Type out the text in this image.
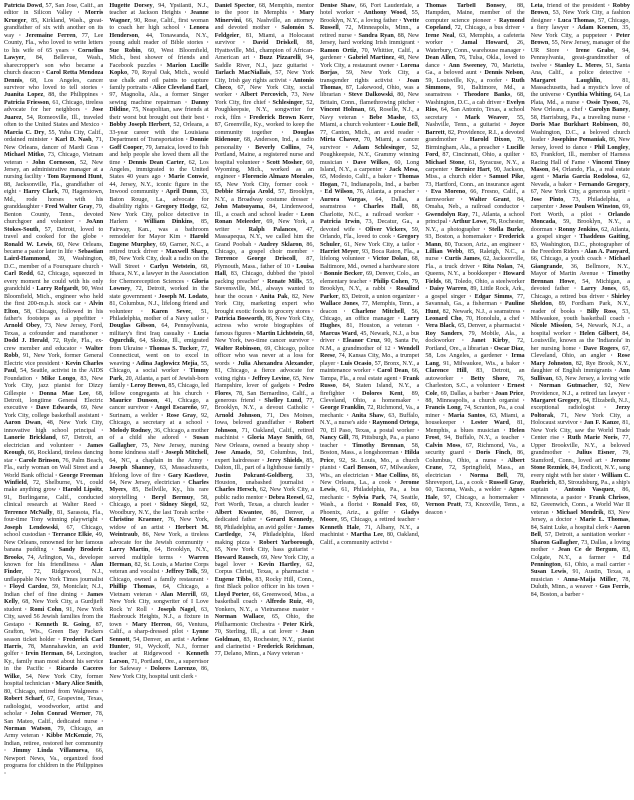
Patricia Dowd, 57, San Jose, Calif., an editor in Silicon Valley · Morris Krueger, 85, Kirkland, Wash., great-grandfather of six with another on its way · Jeremaine Ferren, 77, Lee County, Fla., who loved to write letters to his wife of 65 years · Cornelius Lawyer, 84, Bellevue, Wash., sharecropper's son who became a church deacon · Carol Retta Mendoza Dennis, 68, Los Angeles, cancer survivor who loved to tell stories · Juanita Lopez, 88, the Philippines · Patricia Friesson, 61, Chicago, tireless advocate for her neighbors · Jose Juarez, 54, Romeoville, Ill., traveled often to the United States and Mexico · Marcia C. Dry, 55, Yuba City, Calif., ordained minister · Karl D. Nash, 71, New Orleans, dancer of Mardi Gras · Michael Mitko, 73, Chicago, Vietnam veteran · John Corneson, 52, New Jersey, an administrative manager at a nursing facility · Tom Raymond Hunt, 88, Jacksonville, Fla., grandfather of eight · Harry Clark, 70, Hagerstown, Md., rode horses with his granddaughter · Fred Walter Gray, 79, Benton County, Tenn., devoted churchgoer and volunteer · JoAnn Stokes-South, 57, Detroit, loved to travel and cooked for the globe · Ronald W. Lewis, 60, New Orleans, became a pastor later in life · Sebastian Laird-Hammond, 39, Washington, D.C., member of a Foursquare church · Carl Redd, 62, Chicago, squeezed in every moment he could with his only grandchild · Larry Rofgardt, 90, West Bloomfield, Mich., engineer who held the first 200-m.p.h. stock car · Alvin Elton, 58, Chicago, followed in his father's footsteps as a pipefitter · Arnold Obey, 73, New Jersey, Ford, Texas, a cofounder and marathoner · Dodd J. Herald, 72, Ryde, Fla., ex-crew member and educator · Walter Robb, 91, New York, former General Electric vice president · Kevin Charles Paul, 54, Seattle, activist in the AIDS Foundation · Mike Longo, 83, New York City, jazz pianist for Dizzy Gillespie · Donna Mae Lee, 68, Detroit, longtime General Electric executive · Dave Edwards, 69, New York City, college basketball assistant · Aaron Dwan, 48, New York City, innovative high school principal · Lanorie Brickland, 67, Detroit, an electrician and volunteer · James Keough, 66, Rockland, tireless dancing star · Carole Brinson, 76, Palm Beach, Fla., early woman on Wall Street and a World Bank official · George Freeman Winfield, 72, Shelburne, Vt., could make anything grow · Harold Lipsitz, 91, Burlingame, Calif., conducted clinical research at Walter Reed · Terrence McNally, 81, Sarasota, Fla., four-time Tony winning playwright · Joseph Lendowski, 67, Chicago, school custodian · Terrance Elkie, 49, New Orleans, renowned for her famous banana pudding · Sandy Broderic Brooks, 74, Arlington, Va., developer known for his friendliness · Alan Finder, 72, Ridgewood, N.J., unflappable New York Times journalist · Floyd Cardoz, 59, Montclair, N.J., Indian chef of fine dining · James Kelly, 68, New York City, a Gurdjieff student · Romi Cohn, 91, New York City, saved 56 Jewish families from the Gestapo · Kenneth R. Going, 87, Grafton, Wis., Green Bay Packers season ticket holder · Frederick Carl Harris, 78, Mannahawkin, an avid golfer · Irvin Herman, 84, Lexington, Ky., family man most about his service in the Pacific · Ricardo Caceres Wilke, 54, New York City, former hospital technician · Mary Alice Smith, 80, Chicago, retired from Walgreens · Robert Scharf, 67, Grapevine, Texas, radiologist, woodworker, artist and scholar · John Conrad Werner, 78, San Mateo, Calif., dedicated nurse · Norman Watson, 79, Chicago, an Army veteran · Kibbe McKenzie, 76, Indian, retiree, restored her community · Jimmy Linda Villanueva, 66, Newport News, Va., organized food programs for children in the Philippines ·
Hugette Dorsey, 94, Ypsilanti, N.J., teacher at Jackson Heights · Jeanne Wagner, 90, Rose, Calif., first woman to coach her high school · Lenora Henderson, 44, Tonawanda, N.Y., young adult reader of Bible stories · Sue Robin, 60, West Bloomfield, Mich., best shower of friends and Facebook puzzles · Marion Lucille Kopko, 70, Royal Oak, Mich., would use chalk and oil paints to capture family portraits · Alice Cleveland Earl, 97, Magnolia, Ala., a former Singer sewing machine repairman · Danny Dildine, 75, Neapolitan, saw friends at their worst but brought out their best · Bobby Joseph Herbert, 52, Orleans, a 33-year career with the Louisiana Department of Transportation · Donnie Goff Cooper, 79, Jamaica, loved to fish and help people she loved them all the time · Dennis Dean Carter, 62, Los Angeles, immigrated to the United States 40 years ago · Marie Conwie, 44, Jersey, N.Y., iconic figure in the Inwood community · April Dunn, 33, Baton Rouge, La., advocate for disability rights · Gregory Hodge, 62, New York City, police detective in Harlem · William Dinkins, 85, Fairway, Kan., was a bathroom remodeler for Mayor Kim · Harold Eugene Murphey, 69, Garner, N.C., a retired truck driver · Maxwell Sharp, 89, New York City, dealt a radio on the Wall Street · Carlyn Wetstein, 68, Ithaca, N.Y., a lawyer in the Association for Chemoreception Sciences · Gloria Lowney, 72, Detroit, worked in the state government · Joseph M. Lodato, 81, Columbus, N.J., lifelong friend and volunteer · Karen Sevec, 51, Philadelphia, mother of a Navy sailor · Douglas Gibson, 64, Pennsylvania, military's first Iraq casualty · Lucia Ogurchik, 64, Skokie, Ill., emigrated from Ukraine · Thomas S. Tucker, 77, Connecticut, went on to excel in weaving · Adina Jaglowicz Mejía, 55, Chicago, a social worker · Timmy Park, 20, Atlanta, a part of Jewish-born family · Leroy Brown, 85, Chicago, led fellow congregants at his church · Maurice Dunson, 41, Chicago, a cancer survivor · Angel Escareño, 97, Surinam, a welder · Rose Gray, 92, Chicago, a secretary at a school · Melody Rodney, 36, Chicago, a mother of a child she adored · Susan Gallagher, 75, New Jersey, nursing home kindness staff · Joseph Mitchell, 64, NC, a chaplain in the Army · Joseph Shanney, 63, Massachusetts, lifelong love of fire · Gary Kastlove, 64, New Jersey, electrician · Charles Myers, 85, Bellville, Ky., his rare storytelling · Beryl Bermuy, 58, Chicago, a poet · Sidney Siegel, 92, Woodbury, N.Y., the last Torah scribe · Christine Kraemer, 76, New York, widow of an artist · Herbert M. Weintraub, 86, New York, a tireless advocate for the Jewish community · Larry Martin, 64, Brooklyn, N.Y., served multiple terms · Warren Herman, 82, St. Louis, a Marine Corps veteran and vocalist · Jeffrey Tolk, 59, Chicago, owned a family restaurant · Phillip Thomas, 64, Chicago, a Vietnam veteran · Alan Merrill, 69, New York City, songwriter of I Love Rock 'n' Roll · Joseph Nagel, 63, Hasbrouck Heights, N.J., a fixture in town · Mary Herron, 66, Ventura, Calif., a sharp-dressed pilot · Lynne Sennott, 54, Denver, an artist · Arlene Hunter, 91, Wyckoff, N.J., former teacher at Ridgewood · Kenneth Larson, 71, Portland, Ore., a supervisor for Safeway · Dolores Lorenzo, 86, New York City, hospital unit clerk ·
Daniel Spector, 68, Memphis, mentor to the poor in Memphis · Mary Minervini, 66, Nashville, an attorney and devoted mother · Salomón S. Feldgeier, 81, Miami, a Holocaust survivor · David Driskell, 88, Hyattsville, Md., champion of African-American art · Buzz Pizzarelli, 94, Saddle River, N.J., jazz guitarist · Tarlach MacNiallais, 57, New York City, Irish gay rights activist · Antonio Checo, 67, New York City, social worker · Albert Percovich, 73, New York City, fire chief · Schlesinger, 52, Poughkeepsie, N.Y., songwriter for rock, film · Frederick Brown Kerr, 87, Greenville, Ky., worked to keep the community together · Douglas Ridenour, 68, Anderson, Ind., a radio personality · Beverly Collins, 74, Portland, Maine, a registered nurse and hospital volunteer · Scott Mosher, 60, Wyoming, Mich., worked as an engineer · Florencio Almazo Morales, 65, New York City, former cook · Debbie Sirraja Arold, 57, Brooklyn, N.Y., a Broadway costume dresser · John Matsuyama, 84, Lindenwood, Ill., a coach and school leader · Leon Ronan Meleeder, 69, New York, a writer · Ralph Palances, 47, Massapequa, N.Y., we called him the Grand Poobah · Audrey Sklaron, 86, Chicago, a gospel choir member · Terrence George Driscoll, 87, Plymouth, Mass., father of 10 · Louisa Hall, 83, Chicago, dubbed the 'pistol packing preacher' · Renate Mills, 55, Stevensville, Md., always wanted to hear the ocean · Anita Pak, 82, New York City, marketing expert who brought exotic foods to grocery stores · Patricia Bosworth, 86, New York City, actress who wrote biographies of famous figures · Martin Lichtstein, 68, New York, two-time cancer survivor · Walter Robinson, 69, Chicago, police officer who was never at a loss for words · Julia Ahexandra Alexander, 81, Chicago, a fierce advocate for voting rights · Jeffrey Levine, 65, New Hampshire, lover of gadgets · Pedro Flores, 78, San Bernardino, Calif., a generous friend · Shelley Lund, 77, Brooklyn, N.Y., a devout Catholic · Arnold Johnson, 71, Des Moines, Iowa, beloved grandfather · Robert Johnson, 71, Oakland, Calif., retired machinist · Gloria Maye Smith, 68, New Orleans, owned a beauty shop · Jose Amado, 50, Columbus, Ind., expert hairdresser · Jerry Shields, 85, Dalton, Ill., part of a lighthouse family · Justin Pokrant-Goldberg, 33, Houston, unabashed journalist · Charles Hersch, 62, New York City, a public radio mentor · Debra Reesel, 62, Fort Worth, Texas, a church leader · Albert Kwantee, 86, Denver, a dedicated father · Gerard Kennedy, 88, Philadelphia, an avid golfer · James Cartledge, 74, Philadelphia, liked making pizza · Robert Yarborough, 65, New York City, bass guitarist · Howard Rausch, 69, New York City, a bagel lover · Kevin Hartley, 62, Corpus Christi, Texas, a pharmacist · Eugene Tibbs, 83, Rocky Hill, Conn., first Black police officer in his town · Lloyd Porter, 66, Greenwood, Miss., a basketball coach · Alfredo Ruiz, 49, Yonkers, N.Y., a Vietnamese master · Norman Wallace, 65, Ohio, the Philharmonic Orchestra · Peter Kirk, 70, Sterling, Ill., a cat lover · Joan Goldman, 83, Rochester, N.Y., pianist and clarinetist · Frederick Reichman, 77, Delano, Minn., a Navy veteran ·
Denise Shaw, 66, Fort Lauderdale, a hotel worker · Anthony Wood, 55, Brooklyn, N.Y., a loving father · Yvette Russell, 72, Minneapolis, Minn., a retired nurse · Sandra Ryan, 88, New Jersey, hard working Irish immigrant · Ramon Ortiz, 70, Whittier, Calif., a gardener · Gabriel Martinez, 48, New York City, a restaurant owner · Lorena Borjas, 59, New York City, a transgender rights activist · Joan Thomas, 87, Lakewood, Ohio, was a librarian · Steve Dalkowski, 80, New Britain, Conn., flamethrowing pitcher · Vincent Holman, 66, Roselle, N.J., a Navy veteran · Bebe Mashe, 63, Miami, a church volunteer · Louie Bell, 77, Canton, Mich., an avid reader · Mirta Chavez, 70, Miami, a cancer survivor · Adam Schlesinger, 52, Poughkeepsie, N.Y., Grammy winning musician · Dave Wilkes, 60, Long Island, N.Y., a carpenter · Jack Mesa, 65, Modesto, Calif., a baker · Thomas Hogan, 71, Indianapolis, Ind., a barber · Ed Wilson, 76, Atlanta, a preacher · Aurora Vargas, 64, Dallas, a seamstress · Charles Hall, 88, Charlotte, N.C., a railroad worker · Patricia Irwin, 73, Decatur, Ga., a devoted wife · Oliver Vickers, 59, Orlando, Fla., loved to cook · Gregory Schuler, 61, New York City, a tailor · Harriet Meyer, 93, Boca Raton, Fla., a lifelong volunteer · Victor Dolan, 68, Baltimore, Md., owned a hardware store · Bonnie Becker, 69, Denver, Colo., an elementary teacher · Philip Cohen, 79, Brooklyn, N.Y., a rabbi · Rosalind Parker, 83, Detroit, a union organizer · Wallace Jones, 77, Memphis, Tenn., a deacon · Charlene Mitchell, 56, Chicago, an office manager · Larry Hughes, 81, Houston, a veteran · Marcus Ward, 45, Newark, N.J., a bus driver · Eleanor Cruz, 90, Santa Fe, N.M., a grandmother of 12 · Wendell Reese, 74, Kansas City, Mo., a trumpet player · Luis Ocasio, 57, Bronx, N.Y., a maintenance worker · Carol Dean, 66, Tampa, Fla., a real estate agent · Frank Russo, 84, Staten Island, N.Y., a firefighter · Dolores Kent, 89, Cleveland, Ohio, a homemaker · George Franklin, 72, Richmond, Va., a mechanic · Anita Shaw, 63, Buffalo, N.Y., a nurse's aide · Raymond Ortega, 70, El Paso, Texas, a postal worker · Nancy Gill, 78, Pittsburgh, Pa., a piano teacher · Timothy Brennan, 58, Boston, Mass., a longshoreman · Hilda Price, 92, St. Louis, Mo., a church pianist · Carl Benson, 67, Milwaukee, Wis., an electrician · Mae Collins, 86, New Orleans, La., a cook · Jerome Lewis, 61, Philadelphia, Pa., a bus mechanic · Sylvia Park, 74, Seattle, Wash., a florist · Ronald Fox, 69, Phoenix, Ariz., a golfer · Gladys Moore, 95, Chicago, a retired teacher · Kenneth Hale, 71, Albany, N.Y., a machinist · Martha Lee, 80, Oakland, Calif., a community activist ·
Thomas Tarbell Bonsey, 88, Hampden, Maine, member of the computer science pioneer · Raymond Copeland, 72, Chicago, a bus driver · Irene Neal, 63, Memphis, a cafeteria worker · Jamal Howard, 26, Waterbury, Conn., warehouse manager · Dean Allen, 76, Tulsa, Okla., loved to dance · Ann Sweeney, 70, Marietta, Ga., a beloved aunt · Dennis Nelson, 59, Louisville, Ky., a roofer · Ruth Simmons, 91, Baltimore, Md., a seamstress · Theodore Banks, 68, Washington, D.C., a cab driver · Evelyn Rios, 64, San Antonio, Texas, a school secretary · Mark Weaver, 55, Nashville, Tenn., a guitarist · Joyce Barrett, 82, Providence, R.I., a devoted grandmother · Harold Dixon, 79, Birmingham, Ala., a preacher · Lucille Ford, 87, Cincinnati, Ohio, a quilter · Michael Stone, 61, Syracuse, N.Y., a carpenter · Bernice Hart, 90, Jackson, Miss., a church elder · Samuel Pike, 73, Hartford, Conn., an insurance agent · Eva Moreno, 66, Fresno, Calif., a farmworker · Walter Grant, 84, Omaha, Neb., a railroad conductor · Gwendolyn Ray, 71, Atlanta, a school principal · Arthur Lowe, 76, Rochester, N.Y., a photographer · Stella Burke, 93, Boston, a homemaker · Frederick Mann, 80, Tucson, Ariz., an engineer · Lillian Webb, 85, Raleigh, N.C., a nurse · Curtis James, 62, Jacksonville, Fla., a truck driver · Rita Nolan, 74, Queens, N.Y., a bookkeeper · Howard Fields, 68, Toledo, Ohio, a steelworker · Daisy Warren, 89, Little Rock, Ark., a gospel singer · Edgar Simms, 77, Savannah, Ga., a fisherman · Pauline Hunt, 82, Newark, N.J., a seamstress · Leonard Cho, 70, Honolulu, a chef · Vera Black, 65, Denver, a pharmacist · Roy Sanders, 79, Mobile, Ala., a dockworker · Janet Kirby, 72, Portland, Ore., a librarian · Oscar Diaz, 58, Los Angeles, a gardener · Irma Lang, 91, Milwaukee, Wis., a baker · Clarence Hill, 83, Detroit, an autoworker · Betty Shore, 76, Charleston, S.C., a volunteer · Ernest Cole, 69, Dallas, a barber · Joan Price, 88, Minneapolis, a church organist · Francis Long, 74, Scranton, Pa., a coal miner · Maria Santos, 63, Miami, a housekeeper · Lester Ward, 81, Memphis, a blues musician · Helen Frost, 94, Buffalo, N.Y., a teacher · Calvin Moss, 67, Richmond, Va., a security guard · Doris Finch, 86, Columbus, Ohio, a nurse · Albert Crane, 72, Springfield, Mass., an electrician · Norma Bell, 78, Shreveport, La., a cook · Russell Gray, 60, Tacoma, Wash., a welder · Agnes Hale, 97, Chicago, a homemaker · Vernon Pratt, 73, Knoxville, Tenn., a deacon ·
Leta, friend of the president · Robby Brown, 53, New York City, a fashion designer · Luca Thomas, 57, Chicago, a fiery lawyer · Adam Koenen, 35, New York City, a puppeteer · Peter Brown, 55, New Jersey, manager of the UR Store · Irene Grabe, 94, Pennsylvania, great-grandmother of twelve · Stanley L. Meres, 51, Santa Ana, Calif., a police detective · Margaret Laughlin, 81, Massachusetts, had a mystic's love of the universe · Cynthia Whiting, 64, La Plata, Md., a nurse · Ossie Tyson, 76, New Orleans, a chef · Carolyn Baney, 58, Harrisburg, Pa., a traveling nurse · Doris Mae Burkhart Robinson, 80, Washington, D.C., a beloved church leader · Josephine Pomaniak, 86, New Jersey, loved to dance · Phil Longley, 83, Frankfort, Ill., member of Harness Racing Hall of Fame · Vincent Tinoy Mason, 84, Orlando, Fla., a real estate agent · Maria Garcia Rodolosa, 62, Nevada, a baker · Fernando Gregory, 67, New York City, a generous spirit · Jose Pinto, 73, Philadelphia, a carpenter · Jesse Poulsen Winston, 69, Fort Worth, a pilot · Orlando Moncada, 59, Brooklyn, N.Y., a doorman · Ronny Jenkins, 62, Atlanta, a gospel singer · Thaddeus Gaiting, 83, Washington, D.C., photographer of the Freedom Riders · Alan A. Panyard, 66, Chicago, a youth coach · Michael Giangrande, 36, Bellmore, N.Y., Mayor of Martin Avenue · Timothy Brennan Howe, 54, Michigan, a devoted father · Larry Jones, 65, Chicago, a retired bus driver · Shirley Sheldon, 89, Fordham Park, N.Y., reader of books · Billy Ross, 53, Milwaukee, youth basketball coach · Nicole Mission, 54, Newark, N.J., a hospital worker · Helen Gilbert, 84, Louisville, known as the 'Indianola' in her nursing home · Dave Rogers, 67, Cleveland, Ohio, an angler · Rose Mary Johnston, 82, Rye Brook, N.Y., daughter of English immigrants · Ann Sullivan, 63, New Jersey, a loving wife · Norman Gutmacher, 92, New Providence, N.J., a retired tax lawyer · Margaret Gregory, 84, Elizabeth, N.J., exceptional radiologist · Jerzy Poltorak, 71, New York City, a Holocaust survivor · Jan F. Kanze, 81, New York City, saw the World Trade Center rise · Ruth Marie Noris, 77, Upper Brookville, N.Y., a beloved grandmother · Julius Eisner, 79, Stamford, Conn., loved art · Jerome Stone Rezniek, 84, Endicott, N.Y., sang every night with her sister · William C. Ruebrich, 83, Stroudsburg, Pa., a ship's captain · Antonio Vasquez, 86, Minnesota, a pastor · Frank Chrisos, 82, Greenwich, Conn., a World War II veteran · Michael Mendrik, 83, New Jersey, a doctor · Marie L. Thomas, 84, Saint Luke, a hospital clerk · Aaron Bell, 57, Detroit, a sanitation worker · Sharon Gallagher, 73, Dallas, a loving mother · Jean Ce de Bergum, 83, Colgate, N.Y., a farmer · Ed Pennington, 61, Ohio, a mail carrier · Susan Lewis, 91, Austin, Texas, a musician · Anna-Maija Miller, 78, Duluth, Minn., a weaver · Gus Ferris, 84, Boston, a barber ·
